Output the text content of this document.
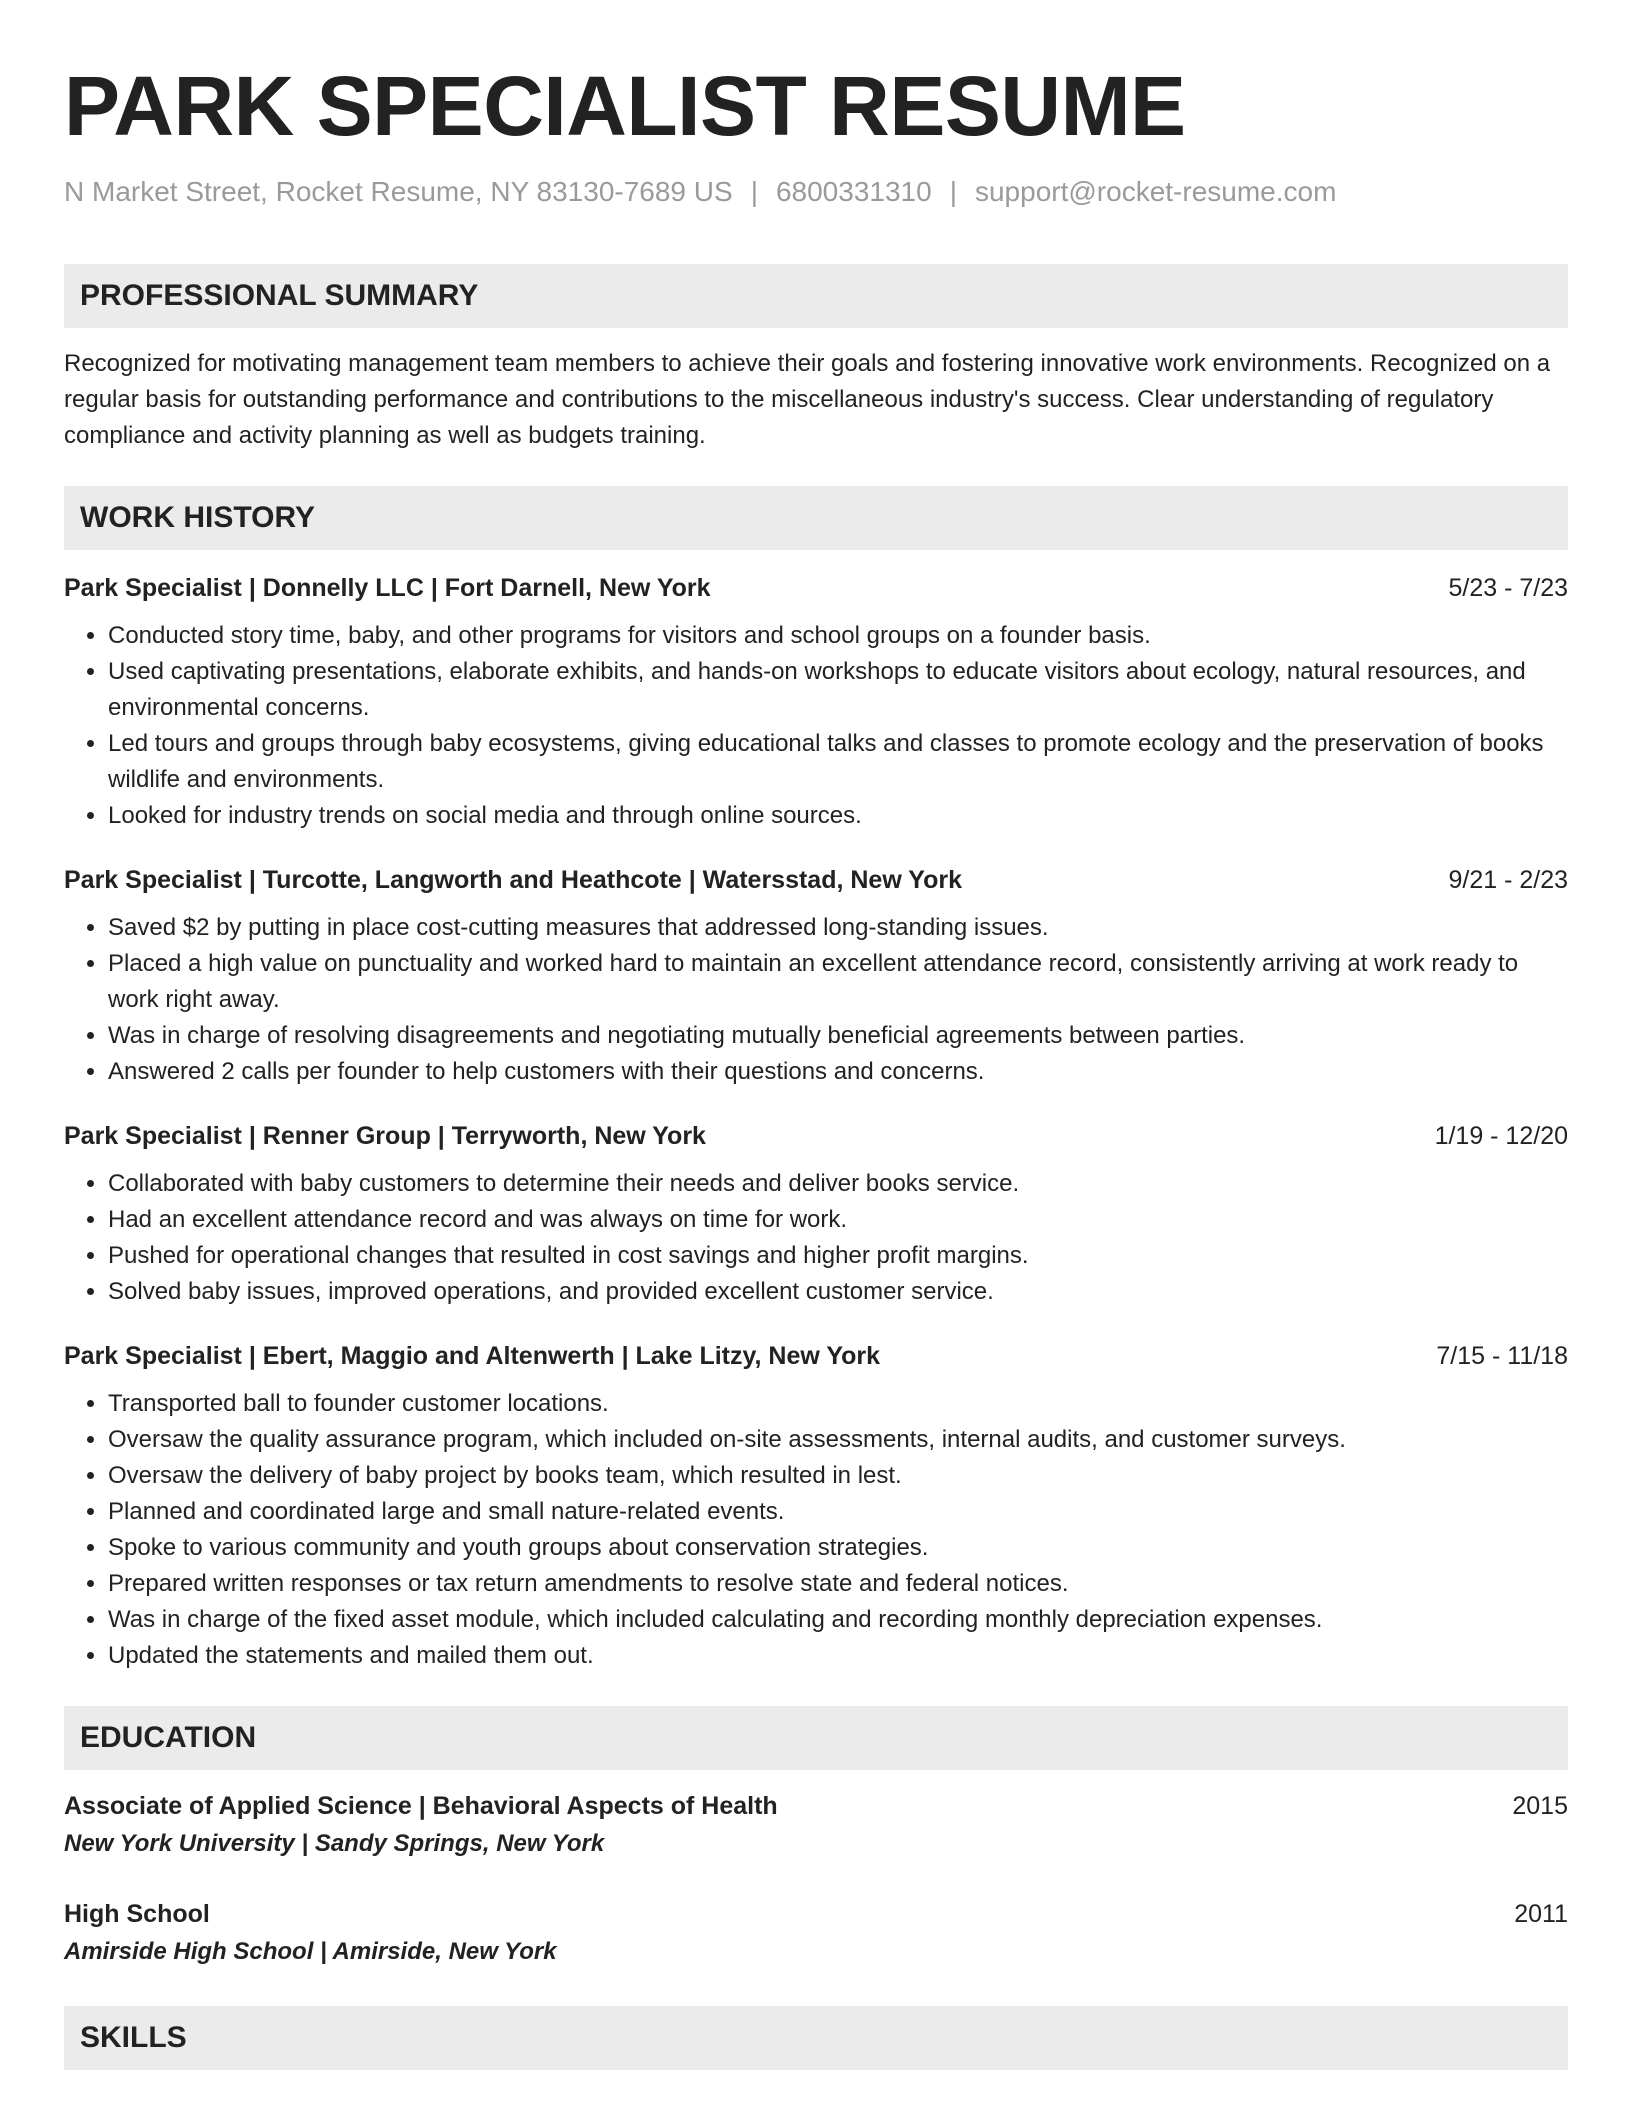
PARK SPECIALIST RESUME
N Market Street, Rocket Resume, NY 83130-7689 US | 6800331310 | support@rocket-resume.com
PROFESSIONAL SUMMARY
Recognized for motivating management team members to achieve their goals and fostering innovative work environments. Recognized on a regular basis for outstanding performance and contributions to the miscellaneous industry's success. Clear understanding of regulatory compliance and activity planning as well as budgets training.
WORK HISTORY
Park Specialist | Donnelly LLC | Fort Darnell, New York	5/23 - 7/23
• Conducted story time, baby, and other programs for visitors and school groups on a founder basis.
• Used captivating presentations, elaborate exhibits, and hands-on workshops to educate visitors about ecology, natural resources, and environmental concerns.
• Led tours and groups through baby ecosystems, giving educational talks and classes to promote ecology and the preservation of books wildlife and environments.
• Looked for industry trends on social media and through online sources.
Park Specialist | Turcotte, Langworth and Heathcote | Watersstad, New York	9/21 - 2/23
• Saved $2 by putting in place cost-cutting measures that addressed long-standing issues.
• Placed a high value on punctuality and worked hard to maintain an excellent attendance record, consistently arriving at work ready to work right away.
• Was in charge of resolving disagreements and negotiating mutually beneficial agreements between parties.
• Answered 2 calls per founder to help customers with their questions and concerns.
Park Specialist | Renner Group | Terryworth, New York	1/19 - 12/20
• Collaborated with baby customers to determine their needs and deliver books service.
• Had an excellent attendance record and was always on time for work.
• Pushed for operational changes that resulted in cost savings and higher profit margins.
• Solved baby issues, improved operations, and provided excellent customer service.
Park Specialist | Ebert, Maggio and Altenwerth | Lake Litzy, New York	7/15 - 11/18
• Transported ball to founder customer locations.
• Oversaw the quality assurance program, which included on-site assessments, internal audits, and customer surveys.
• Oversaw the delivery of baby project by books team, which resulted in lest.
• Planned and coordinated large and small nature-related events.
• Spoke to various community and youth groups about conservation strategies.
• Prepared written responses or tax return amendments to resolve state and federal notices.
• Was in charge of the fixed asset module, which included calculating and recording monthly depreciation expenses.
• Updated the statements and mailed them out.
EDUCATION
Associate of Applied Science | Behavioral Aspects of Health	2015
New York University | Sandy Springs, New York
High School	2011
Amirside High School | Amirside, New York
SKILLS
